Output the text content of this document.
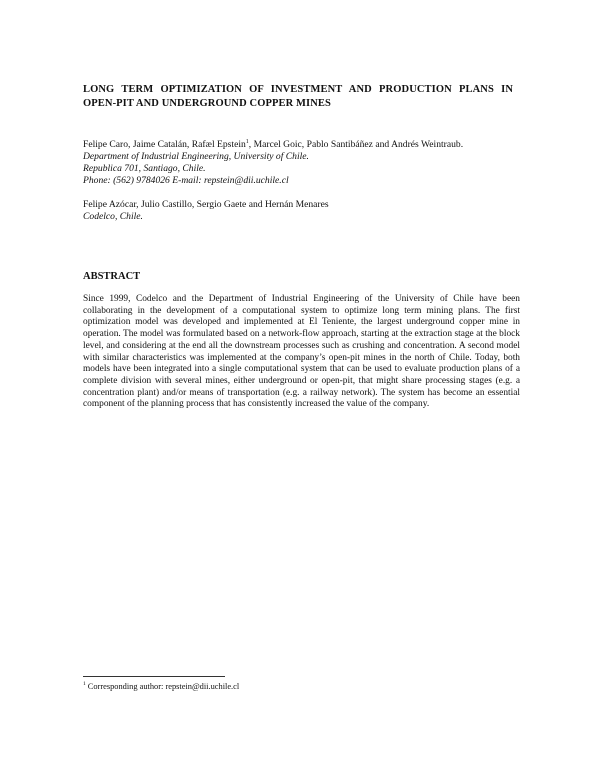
LONG TERM OPTIMIZATION OF INVESTMENT AND PRODUCTION PLANS IN OPEN-PIT AND UNDERGROUND COPPER MINES
Felipe Caro, Jaime Catalán, Rafæl Epstein$^1$, Marcel Goic, Pablo Santibáñez and Andrés Weintraub.
Department of Industrial Engineering, University of Chile.
Republica 701, Santiago, Chile.
Phone: (562) 9784026 E-mail: repstein@dii.uchile.cl
Felipe Azócar, Julio Castillo, Sergio Gaete and Hernán Menares
Codelco, Chile.
ABSTRACT
Since 1999, Codelco and the Department of Industrial Engineering of the University of Chile have been collaborating in the development of a computational system to optimize long term mining plans. The first optimization model was developed and implemented at El Teniente, the largest underground copper mine in operation. The model was formulated based on a network-flow approach, starting at the extraction stage at the block level, and considering at the end all the downstream processes such as crushing and concentration. A second model with similar characteristics was implemented at the company’s open-pit mines in the north of Chile. Today, both models have been integrated into a single computational system that can be used to evaluate production plans of a complete division with several mines, either underground or open-pit, that might share processing stages (e.g. a concentration plant) and/or means of transportation (e.g. a railway network). The system has become an essential component of the planning process that has consistently increased the value of the company.
$^1$ Corresponding author: repstein@dii.uchile.cl
